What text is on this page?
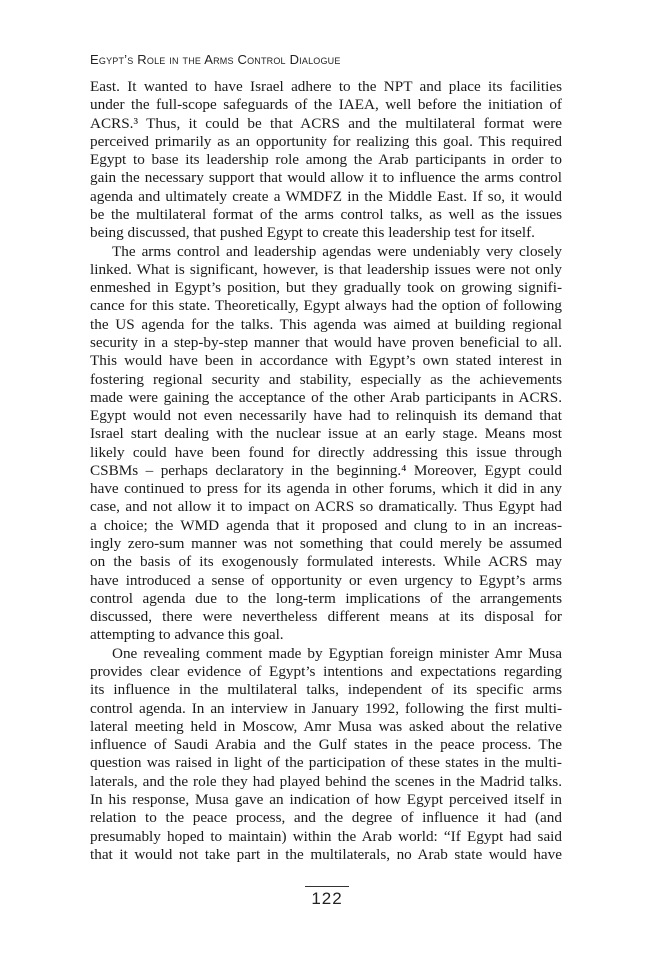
Egypt’s Role in the Arms Control Dialogue
East. It wanted to have Israel adhere to the NPT and place its facilities
under the full-scope safeguards of the IAEA, well before the initiation of
ACRS.³ Thus, it could be that ACRS and the multilateral format were
perceived primarily as an opportunity for realizing this goal. This required
Egypt to base its leadership role among the Arab participants in order to
gain the necessary support that would allow it to influence the arms control
agenda and ultimately create a WMDFZ in the Middle East. If so, it would
be the multilateral format of the arms control talks, as well as the issues
being discussed, that pushed Egypt to create this leadership test for itself.
The arms control and leadership agendas were undeniably very closely
linked. What is significant, however, is that leadership issues were not only
enmeshed in Egypt’s position, but they gradually took on growing signifi-
cance for this state. Theoretically, Egypt always had the option of following
the US agenda for the talks. This agenda was aimed at building regional
security in a step-by-step manner that would have proven beneficial to all.
This would have been in accordance with Egypt’s own stated interest in
fostering regional security and stability, especially as the achievements
made were gaining the acceptance of the other Arab participants in ACRS.
Egypt would not even necessarily have had to relinquish its demand that
Israel start dealing with the nuclear issue at an early stage. Means most
likely could have been found for directly addressing this issue through
CSBMs – perhaps declaratory in the beginning.⁴ Moreover, Egypt could
have continued to press for its agenda in other forums, which it did in any
case, and not allow it to impact on ACRS so dramatically. Thus Egypt had
a choice; the WMD agenda that it proposed and clung to in an increas-
ingly zero-sum manner was not something that could merely be assumed
on the basis of its exogenously formulated interests. While ACRS may
have introduced a sense of opportunity or even urgency to Egypt’s arms
control agenda due to the long-term implications of the arrangements
discussed, there were nevertheless different means at its disposal for
attempting to advance this goal.
One revealing comment made by Egyptian foreign minister Amr Musa
provides clear evidence of Egypt’s intentions and expectations regarding
its influence in the multilateral talks, independent of its specific arms
control agenda. In an interview in January 1992, following the first multi-
lateral meeting held in Moscow, Amr Musa was asked about the relative
influence of Saudi Arabia and the Gulf states in the peace process. The
question was raised in light of the participation of these states in the multi-
laterals, and the role they had played behind the scenes in the Madrid talks.
In his response, Musa gave an indication of how Egypt perceived itself in
relation to the peace process, and the degree of influence it had (and
presumably hoped to maintain) within the Arab world: “If Egypt had said
that it would not take part in the multilaterals, no Arab state would have
122
